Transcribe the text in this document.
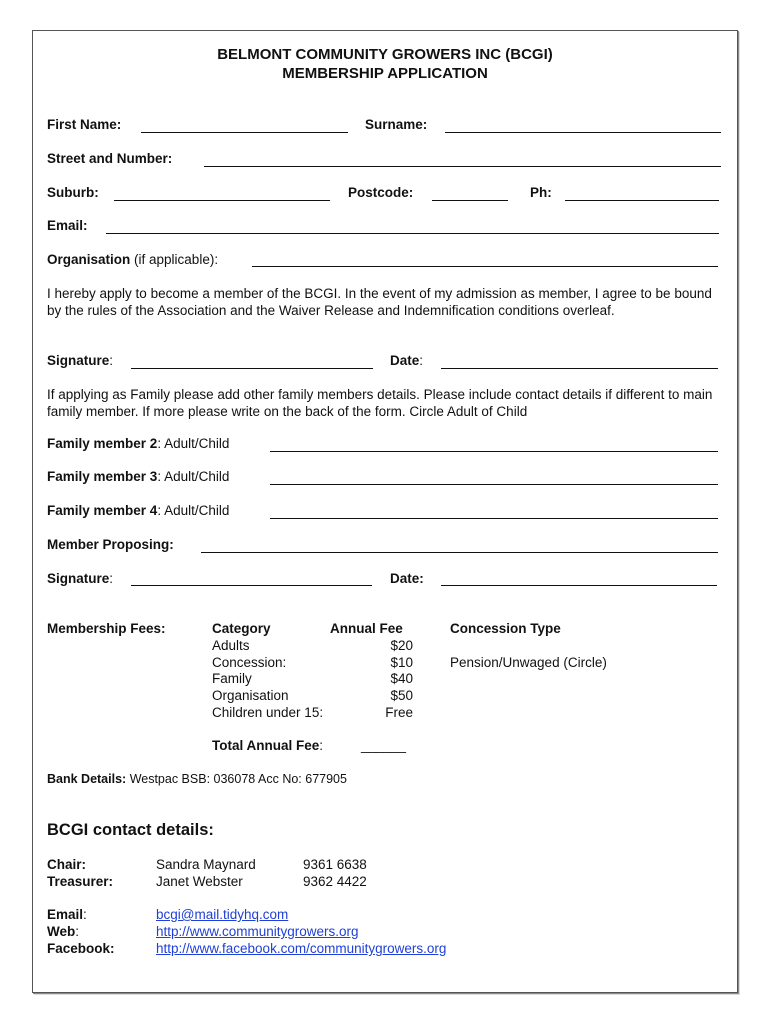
BELMONT COMMUNITY GROWERS INC (BCGI)
MEMBERSHIP APPLICATION
First Name:	Surname:
Street and Number:
Suburb:	Postcode:	Ph:
Email:
Organisation (if applicable):
I hereby apply to become a member of the BCGI. In the event of my admission as member, I agree to be bound by the rules of the Association and the Waiver Release and Indemnification conditions overleaf.
Signature:	Date:
If applying as Family please add other family members details. Please include contact details if different to main family member. If more please write on the back of the form. Circle Adult of Child
Family member 2: Adult/Child
Family member 3: Adult/Child
Family member 4: Adult/Child
Member Proposing:
Signature:	Date:
Membership Fees:	Category	Annual Fee	Concession Type
Adults	$20
Concession:	$10	Pension/Unwaged (Circle)
Family	$40
Organisation	$50
Children under 15:	Free
Total Annual Fee:	______
Bank Details: Westpac BSB: 036078 Acc No: 677905
BCGI contact details:
Chair:	Sandra Maynard	9361 6638
Treasurer:	Janet Webster	9362 4422
Email:	bcgi@mail.tidyhq.com
Web:	http://www.communitygrowers.org
Facebook:	http://www.facebook.com/communitygrowers.org
